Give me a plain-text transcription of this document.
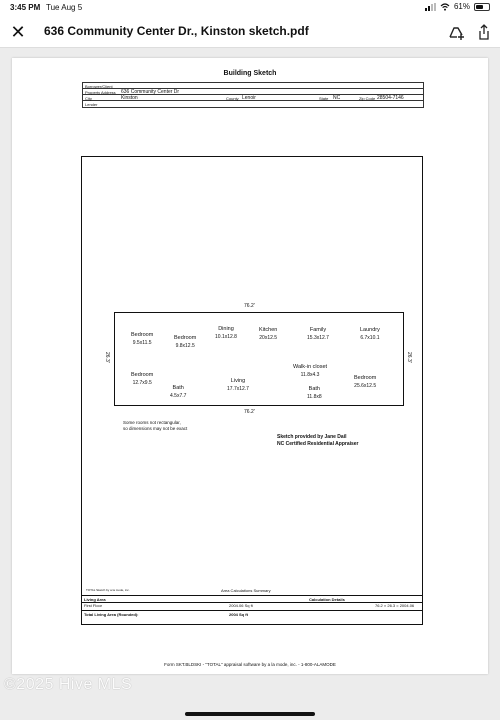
3:45 PM Tue Aug 5	61%
✕ 636 Community Center Dr., Kinston sketch.pdf
Building Sketch
Borrower/Client
Property Address 636 Community Center Dr
City	Kinston	County Lenoir	State NC	Zip Code 28504-7146
Lender
76.2'
76.2'
26.3'	26.3'
Bedroom
9.5x11.5
Bedroom
9.8x12.5
Dining
10.1x12.8
Kitchen
20x12.5
Family
15.3x12.7
Laundry
6.7x10.1
Bedroom
12.7x9.5
Bath
4.5x7.7
Living
17.7x12.7
Walk-in closet
11.8x4.3
Bath
11.8x8
Bedroom
25.6x12.5
Some rooms not rectangular,
so dimensions may not be exact
Sketch provided by Jane Dail
NC Certified Residential Appraiser
TOTAL Sketch by a la mode, inc.	Area Calculations Summary
Living Area	Calculation Details
First Floor	2004.06 Sq ft	76.2 × 26.3 = 2004.06
Total Living Area (Rounded):	2004 Sq ft
Form SKT.BLDSKI - "TOTAL" appraisal software by a la mode, inc. - 1-800-ALAMODE
©2025 Hive MLS
